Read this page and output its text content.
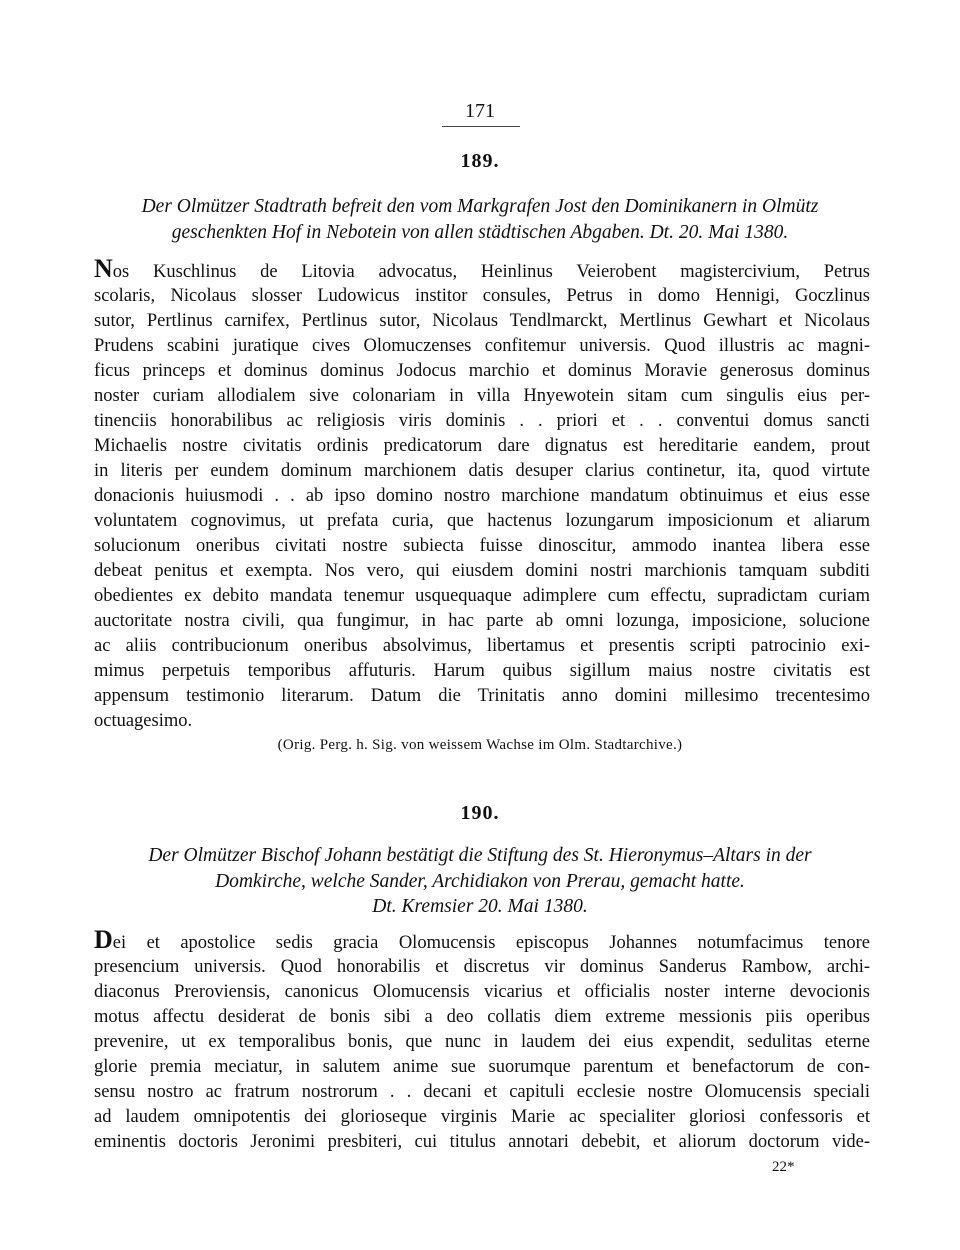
171
189.
Der Olmützer Stadtrath befreit den vom Markgrafen Jost den Dominikanern in Olmütz
geschenkten Hof in Nebotein von allen städtischen Abgaben. Dt. 20. Mai 1380.
Nos Kuschlinus de Litovia advocatus, Heinlinus Veierobent magistercivium, Petrus
scolaris, Nicolaus slosser Ludowicus institor consules, Petrus in domo Hennigi, Goczlinus
sutor, Pertlinus carnifex, Pertlinus sutor, Nicolaus Tendlmarckt, Mertlinus Gewhart et Nicolaus
Prudens scabini juratique cives Olomuczenses confitemur universis. Quod illustris ac magni-
ficus princeps et dominus dominus Jodocus marchio et dominus Moravie generosus dominus
noster curiam allodialem sive colonariam in villa Hnyewotein sitam cum singulis eius per-
tinenciis honorabilibus ac religiosis viris dominis . . priori et . . conventui domus sancti
Michaelis nostre civitatis ordinis predicatorum dare dignatus est hereditarie eandem, prout
in literis per eundem dominum marchionem datis desuper clarius continetur, ita, quod virtute
donacionis huiusmodi . . ab ipso domino nostro marchione mandatum obtinuimus et eius esse
voluntatem cognovimus, ut prefata curia, que hactenus lozungarum imposicionum et aliarum
solucionum oneribus civitati nostre subiecta fuisse dinoscitur, ammodo inantea libera esse
debeat penitus et exempta. Nos vero, qui eiusdem domini nostri marchionis tamquam subditi
obedientes ex debito mandata tenemur usquequaque adimplere cum effectu, supradictam curiam
auctoritate nostra civili, qua fungimur, in hac parte ab omni lozunga, imposicione, solucione
ac aliis contribucionum oneribus absolvimus, libertamus et presentis scripti patrocinio exi-
mimus perpetuis temporibus affuturis. Harum quibus sigillum maius nostre civitatis est
appensum testimonio literarum. Datum die Trinitatis anno domini millesimo trecentesimo
octuagesimo.
(Orig. Perg. h. Sig. von weissem Wachse im Olm. Stadtarchive.)
190.
Der Olmützer Bischof Johann bestätigt die Stiftung des St. Hieronymus–Altars in der
Domkirche, welche Sander, Archidiakon von Prerau, gemacht hatte.
Dt. Kremsier 20. Mai 1380.
Dei et apostolice sedis gracia Olomucensis episcopus Johannes notumfacimus tenore
presencium universis. Quod honorabilis et discretus vir dominus Sanderus Rambow, archi-
diaconus Preroviensis, canonicus Olomucensis vicarius et officialis noster interne devocionis
motus affectu desiderat de bonis sibi a deo collatis diem extreme messionis piis operibus
prevenire, ut ex temporalibus bonis, que nunc in laudem dei eius expendit, sedulitas eterne
glorie premia meciatur, in salutem anime sue suorumque parentum et benefactorum de con-
sensu nostro ac fratrum nostrorum . . decani et capituli ecclesie nostre Olomucensis speciali
ad laudem omnipotentis dei glorioseque virginis Marie ac specialiter gloriosi confessoris et
eminentis doctoris Jeronimi presbiteri, cui titulus annotari debebit, et aliorum doctorum vide-
22*
